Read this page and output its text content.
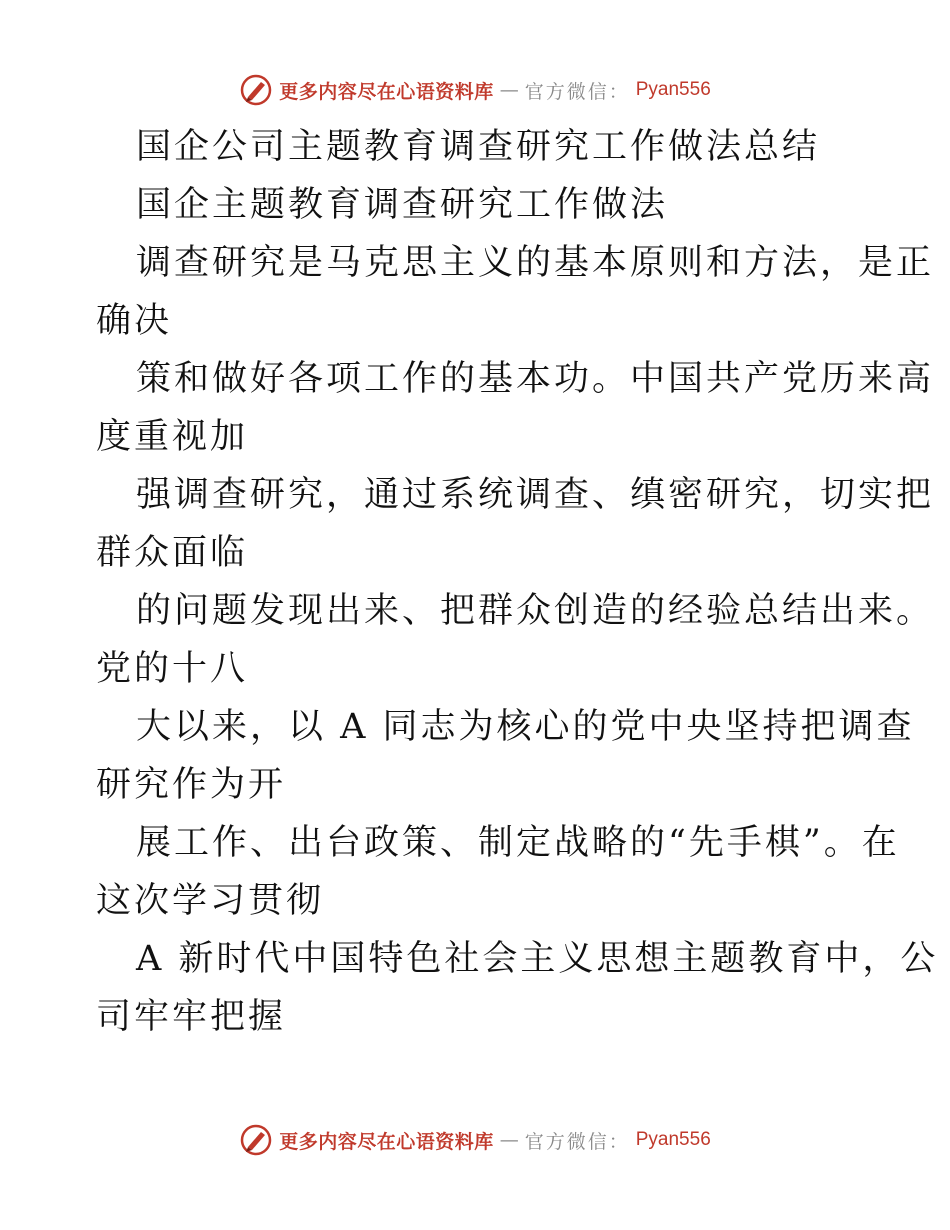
更多内容尽在心语资料库 — 官方微信： Pyan556
国企公司主题教育调查研究工作做法总结
国企主题教育调查研究工作做法
调查研究是马克思主义的基本原则和方法，是正
确决
策和做好各项工作的基本功。中国共产党历来高
度重视加
强调查研究，通过系统调查、缜密研究，切实把
群众面临
的问题发现出来、把群众创造的经验总结出来。
党的十八
大以来，以 A 同志为核心的党中央坚持把调查
研究作为开
展工作、出台政策、制定战略的“先手棋”。在
这次学习贯彻
A 新时代中国特色社会主义思想主题教育中，公
司牢牢把握
更多内容尽在心语资料库 — 官方微信： Pyan556
